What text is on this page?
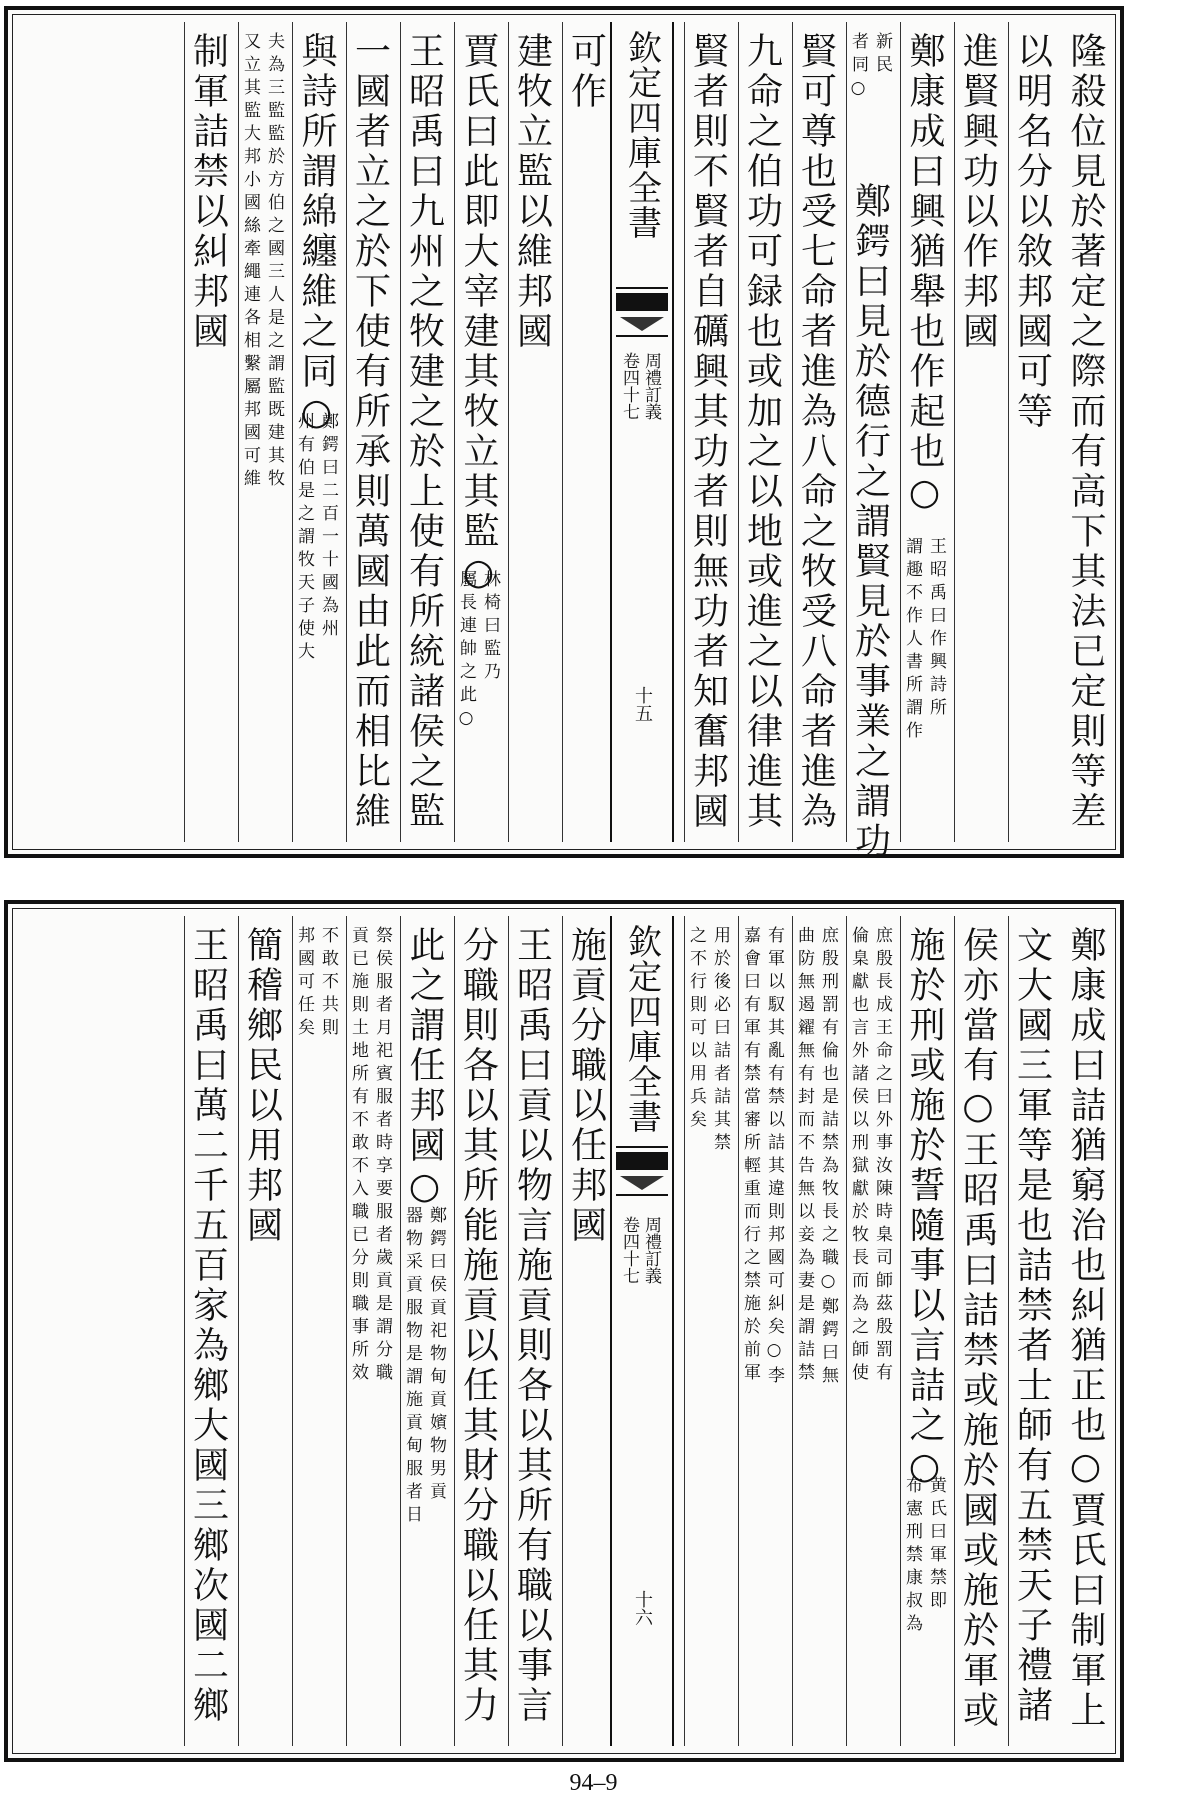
隆殺位見於著定之際而有高下其法已定則等差
以明名分以敘邦國可等
進賢興功以作邦國
鄭康成曰興猶舉也作起也○
王昭禹曰作興詩所
謂趣不作人書所謂作
新民
者同○
鄭鍔曰見於德行之謂賢見於事業之謂功
賢可尊也受七命者進為八命之牧受八命者進為
九命之伯功可録也或加之以地或進之以律進其
賢者則不賢者自礪興其功者則無功者知奮邦國
欽定四庫全書
周禮訂義
卷四十七
十五
可作
建牧立監以維邦國
賈氏曰此即大宰建其牧立其監○
林椅曰監乃
屬長連帥之此○
王昭禹曰九州之牧建之於上使有所統諸侯之監
一國者立之於下使有所承則萬國由此而相比維
與詩所謂綿纏維之同○
鄭鍔曰二百一十國為州
州有伯是之謂牧天子使大
夫為三監監於方伯之國三人是之謂監既建其牧
又立其監大邦小國絲牽繩連各相繫屬邦國可維
制軍詰禁以糾邦國
鄭康成曰詰猶窮治也糾猶正也○賈氏曰制軍上
文大國三軍等是也詰禁者士師有五禁天子禮諸
侯亦當有○王昭禹曰詰禁或施於國或施於軍或
施於刑或施於誓隨事以言詰之○
黄氏曰軍禁即
布憲刑禁康叔為
庶殷長成王命之曰外事汝陳時臬司師茲殷罰有
倫臬獻也言外諸侯以刑獄獻於牧長而為之師使
庶殷刑罰有倫也是詰禁為牧長之職○鄭鍔曰無
曲防無遏糴無有封而不告無以妾為妻是謂詰禁
有軍以馭其亂有禁以詰其違則邦國可糾矣○李
嘉會曰有軍有禁當審所輕重而行之禁施於前軍
用於後必曰詰者詰其禁
之不行則可以用兵矣
欽定四庫全書
周禮訂義
卷四十七
十六
施貢分職以任邦國
王昭禹曰貢以物言施貢則各以其所有職以事言
分職則各以其所能施貢以任其財分職以任其力
此之謂任邦國○
鄭鍔曰侯貢祀物甸貢嬪物男貢
器物采貢服物是謂施貢甸服者日
祭侯服者月祀賓服者時享要服者歲貢是謂分職
貢已施則土地所有不敢不入職已分則職事所效
不敢不共則
邦國可任矣
簡稽鄉民以用邦國
王昭禹曰萬二千五百家為鄉大國三鄉次國二鄉
94–9
